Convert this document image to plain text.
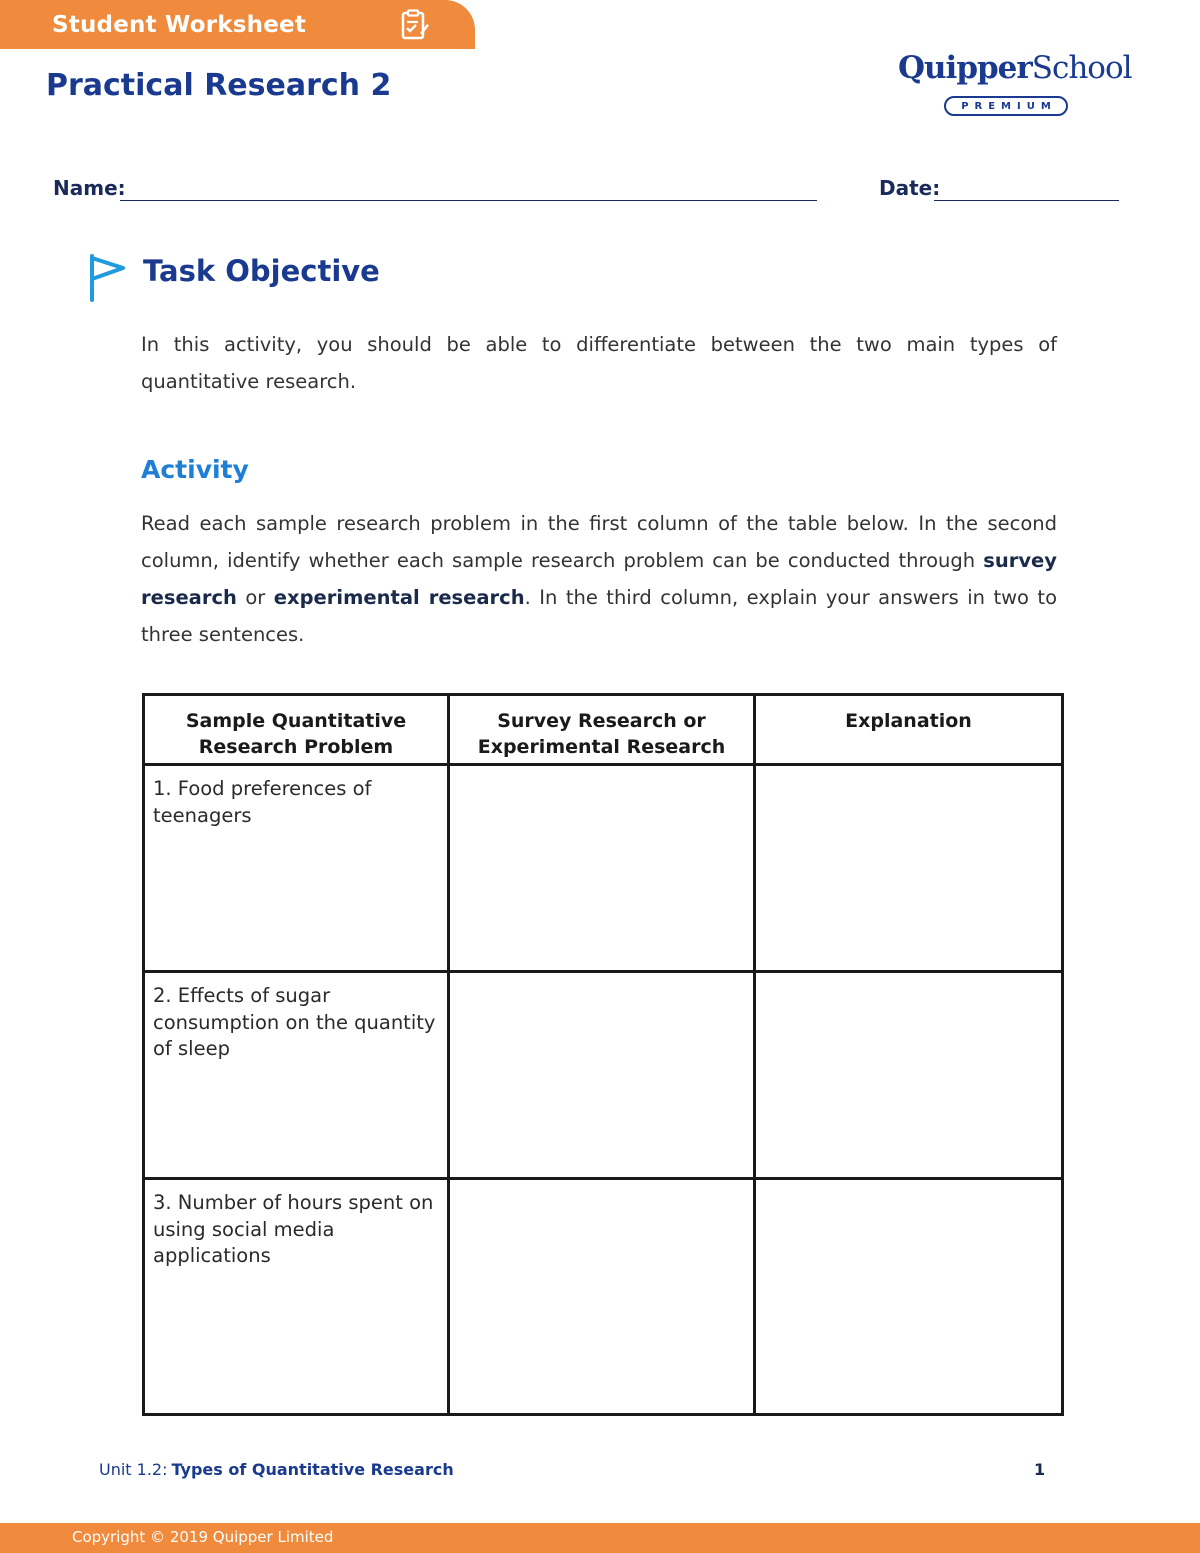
Student Worksheet
Practical Research 2	QuipperSchool
PREMIUM
Name:	Date:
Task Objective

In this activity, you should be able to differentiate between the two main types of quantitative research.

Activity

Read each sample research problem in the first column of the table below. In the second column, identify whether each sample research problem can be conducted through survey research or experimental research. In the third column, explain your answers in two to three sentences.

Sample Quantitative Research Problem	Survey Research or Experimental Research	Explanation

1. Food preferences of teenagers		

2. Effects of sugar consumption on the quantity of sleep		

3. Number of hours spent on using social media applications		

Unit 1.2: Types of Quantitative Research	1
Copyright © 2019 Quipper Limited
